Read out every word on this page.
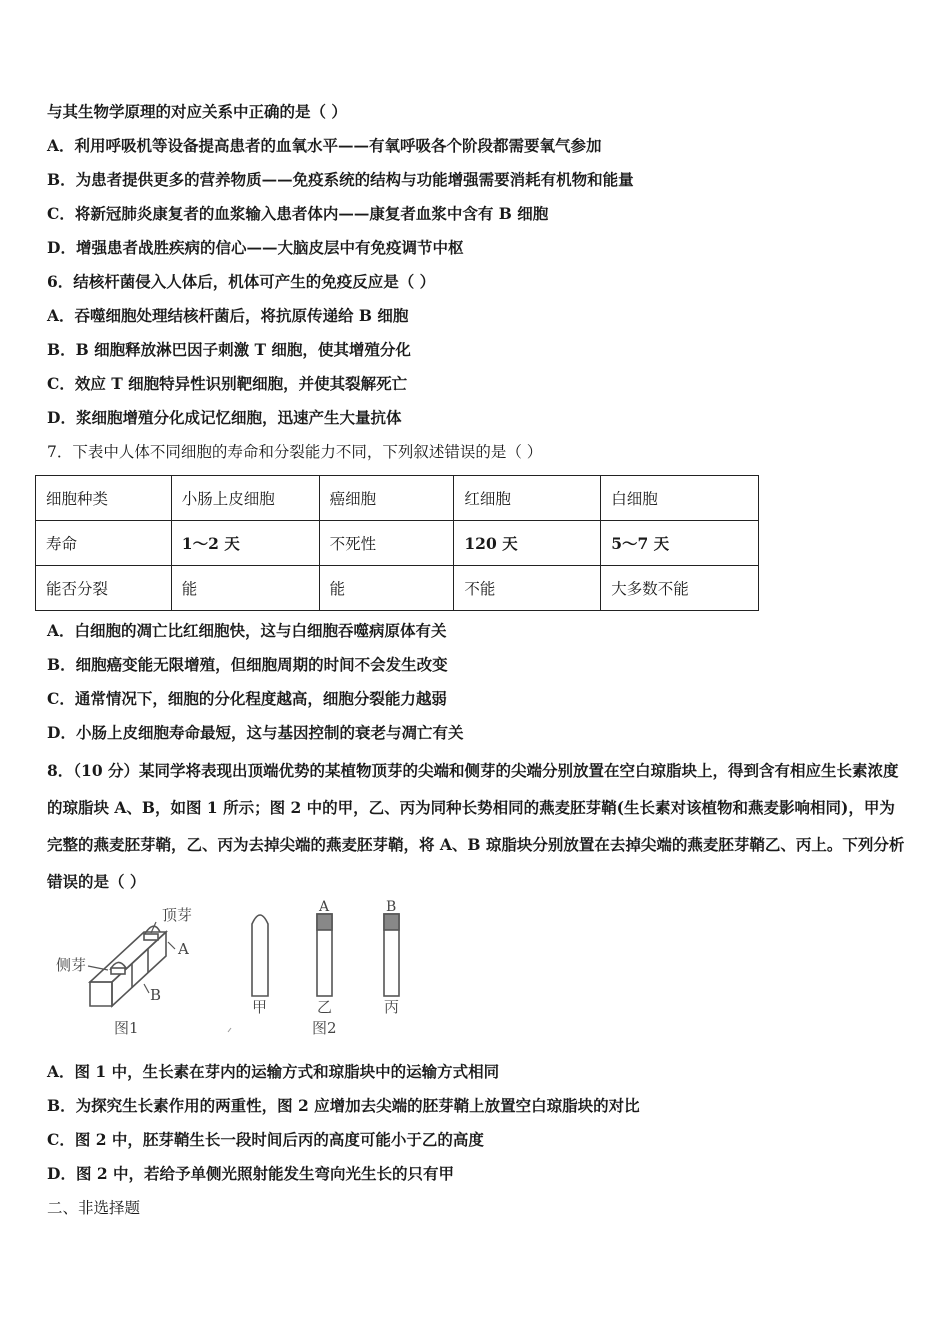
与其生物学原理的对应关系中正确的是（ ）
A．利用呼吸机等设备提高患者的血氧水平——有氧呼吸各个阶段都需要氧气参加
B．为患者提供更多的营养物质——免疫系统的结构与功能增强需要消耗有机物和能量
C．将新冠肺炎康复者的血浆输入患者体内——康复者血浆中含有 B 细胞
D．增强患者战胜疾病的信心——大脑皮层中有免疫调节中枢
6．结核杆菌侵入人体后，机体可产生的免疫反应是（ ）
A．吞噬细胞处理结核杆菌后，将抗原传递给 B 细胞
B．B 细胞释放淋巴因子刺激 T 细胞，使其增殖分化
C．效应 T 细胞特异性识别靶细胞，并使其裂解死亡
D．浆细胞增殖分化成记忆细胞，迅速产生大量抗体
7．下表中人体不同细胞的寿命和分裂能力不同，下列叙述错误的是（ ）
细胞种类	小肠上皮细胞	癌细胞	红细胞	白细胞
寿命	1～2 天	不死性	120 天	5～7 天
能否分裂	能	能	不能	大多数不能
A．白细胞的凋亡比红细胞快，这与白细胞吞噬病原体有关
B．细胞癌变能无限增殖，但细胞周期的时间不会发生改变
C．通常情况下，细胞的分化程度越高，细胞分裂能力越弱
D．小肠上皮细胞寿命最短，这与基因控制的衰老与凋亡有关
8．（10 分）某同学将表现出顶端优势的某植物顶芽的尖端和侧芽的尖端分别放置在空白琼脂块上，得到含有相应生长素浓度的琼脂块 A、B，如图 1 所示；图 2 中的甲，乙、丙为同种长势相同的燕麦胚芽鞘(生长素对该植物和燕麦影响相同)，甲为完整的燕麦胚芽鞘，乙、丙为去掉尖端的燕麦胚芽鞘，将 A、B 琼脂块分别放置在去掉尖端的燕麦胚芽鞘乙、丙上。下列分析错误的是（ ）
顶芽
A
侧芽
B
图1
A	B
甲	乙	丙
图2
A．图 1 中，生长素在芽内的运输方式和琼脂块中的运输方式相同
B．为探究生长素作用的两重性，图 2 应增加去尖端的胚芽鞘上放置空白琼脂块的对比
C．图 2 中，胚芽鞘生长一段时间后丙的高度可能小于乙的高度
D．图 2 中，若给予单侧光照射能发生弯向光生长的只有甲
二、非选择题
